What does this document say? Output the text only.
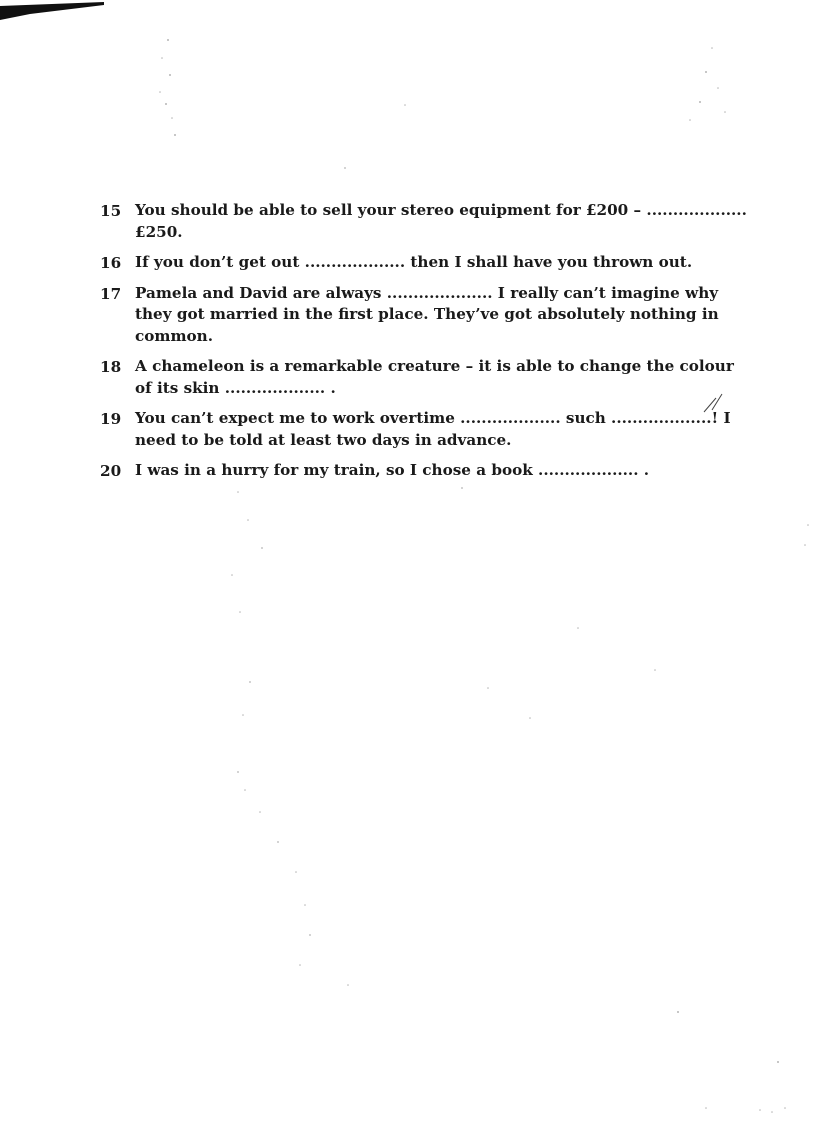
15 You should be able to sell your stereo equipment for £200 – ................... £250.
16 If you don’t get out ................... then I shall have you thrown out.
17 Pamela and David are always .................... I really can’t imagine why they got married in the first place. They’ve got absolutely nothing in common.
18 A chameleon is a remarkable creature – it is able to change the colour of its skin ................... .
19 You can’t expect me to work overtime ................... such ...................! I need to be told at least two days in advance.
20 I was in a hurry for my train, so I chose a book ................... .
